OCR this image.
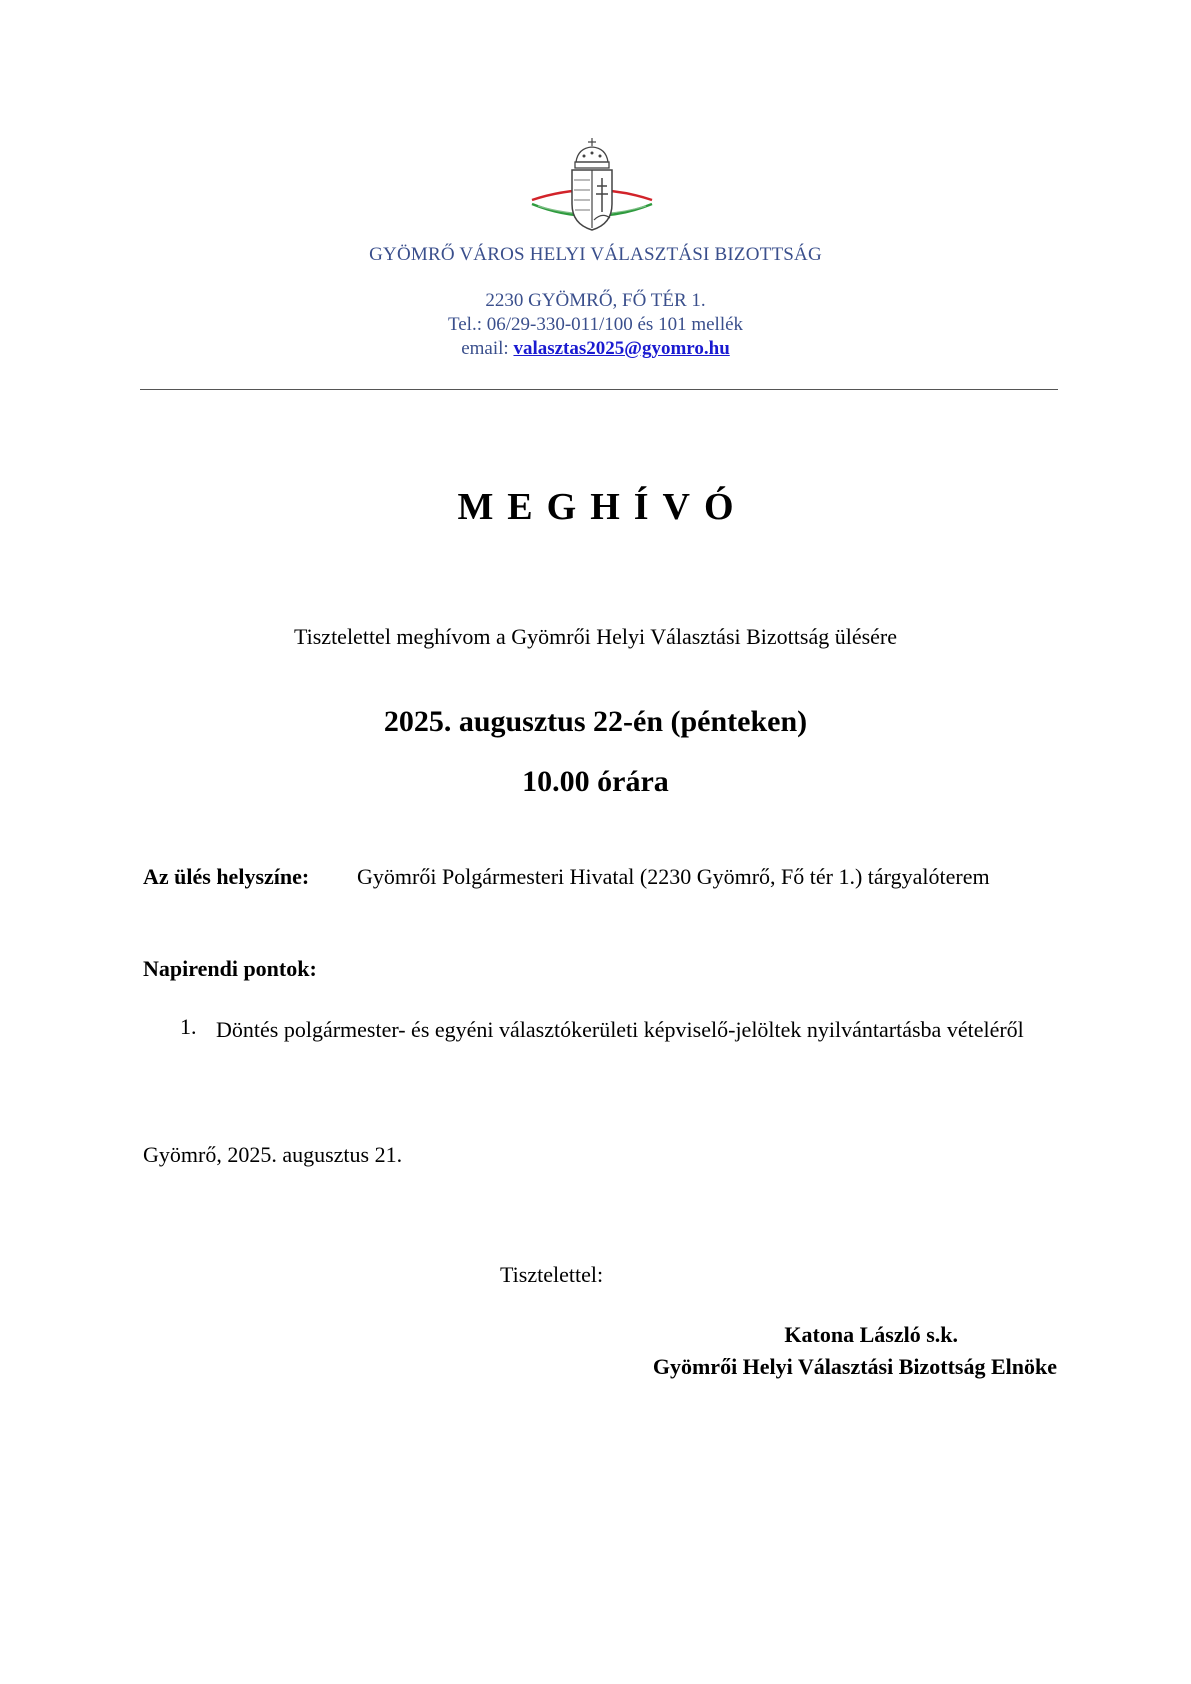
GYÖMRŐ VÁROS HELYI VÁLASZTÁSI BIZOTTSÁG
2230 GYÖMRŐ, FŐ TÉR 1.
Tel.: 06/29-330-011/100 és 101 mellék
email: valasztas2025@gyomro.hu
MEGHÍVÓ
Tisztelettel meghívom a Gyömrői Helyi Választási Bizottság ülésére
2025. augusztus 22-én (pénteken)
10.00 órára
Az ülés helyszíne: Gyömrői Polgármesteri Hivatal (2230 Gyömrő, Fő tér 1.) tárgyalóterem
Napirendi pontok:
1. Döntés polgármester- és egyéni választókerületi képviselő-jelöltek nyilvántartásba vételéről
Gyömrő, 2025. augusztus 21.
Tisztelettel:
Katona László s.k.
Gyömrői Helyi Választási Bizottság Elnöke
